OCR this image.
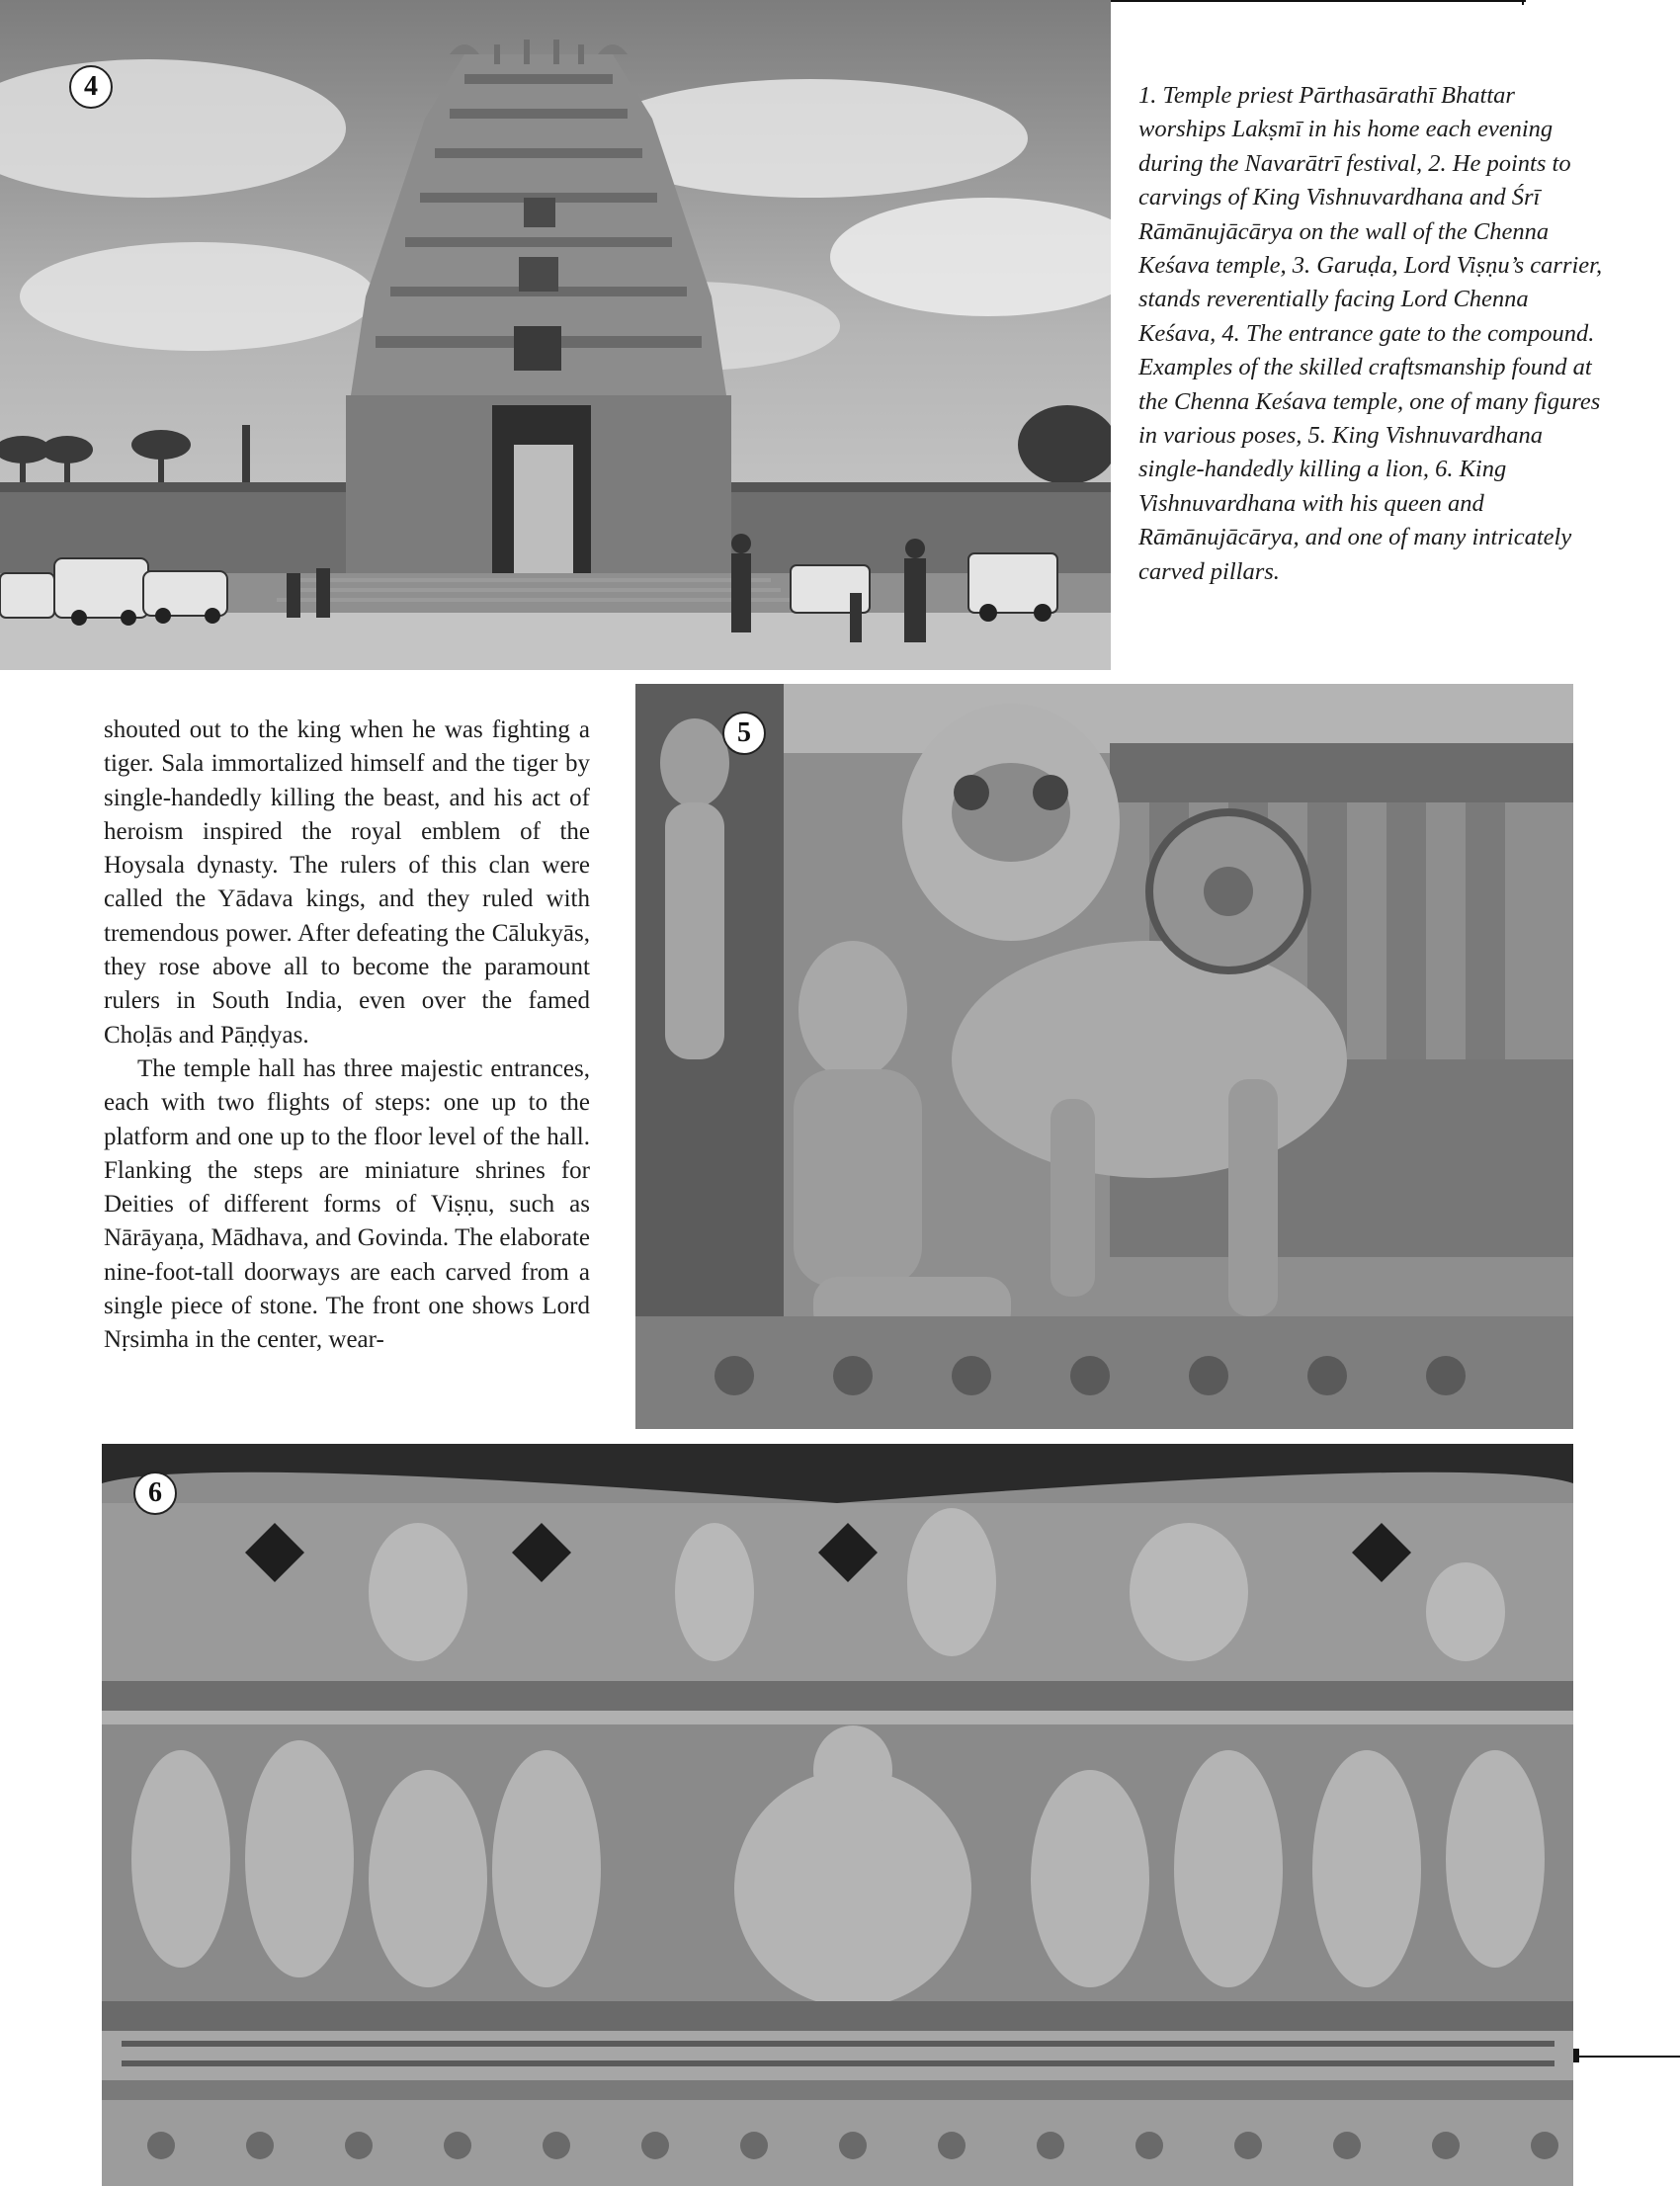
4	1. Temple priest Pārthasārathī Bhattar worships Lakṣmī in his home each evening during the Navarātrī festival, 2. He points to carvings of King Vishnuvardhana and Śrī Rāmānujācārya on the wall of the Chenna Keśava temple, 3. Garuḍa, Lord Viṣṇu’s carrier, stands reverentially facing Lord Chenna Keśava, 4. The entrance gate to the compound.

Examples of the skilled craftsmanship found at the Chenna Keśava temple, one of many figures in various poses, 5. King Vishnuvardhana single-handedly killing a lion, 6. King Vishnuvardhana with his queen and Rāmānujācārya, and one of many intricately carved pillars.

shouted out to the king when he was fighting a tiger. Sala immortalized himself and the tiger by single-handedly killing the beast, and his act of heroism inspired the royal emblem of the Hoysala dynasty. The rulers of this clan were called the Yādava kings, and they ruled with tremendous power. After defeating the Cālukyās, they rose above all to become the paramount rulers in South India, even over the famed Choḷās and Pāṇḍyas.

The temple hall has three majestic entrances, each with two flights of steps: one up to the platform and one up to the floor level of the hall. Flanking the steps are miniature shrines for Deities of different forms of Viṣṇu, such as Nārāyaṇa, Mādhava, and Govinda. The elaborate nine-foot-tall doorways are each carved from a single piece of stone. The front one shows Lord Nṛsimha in the center, wear-

5
6
